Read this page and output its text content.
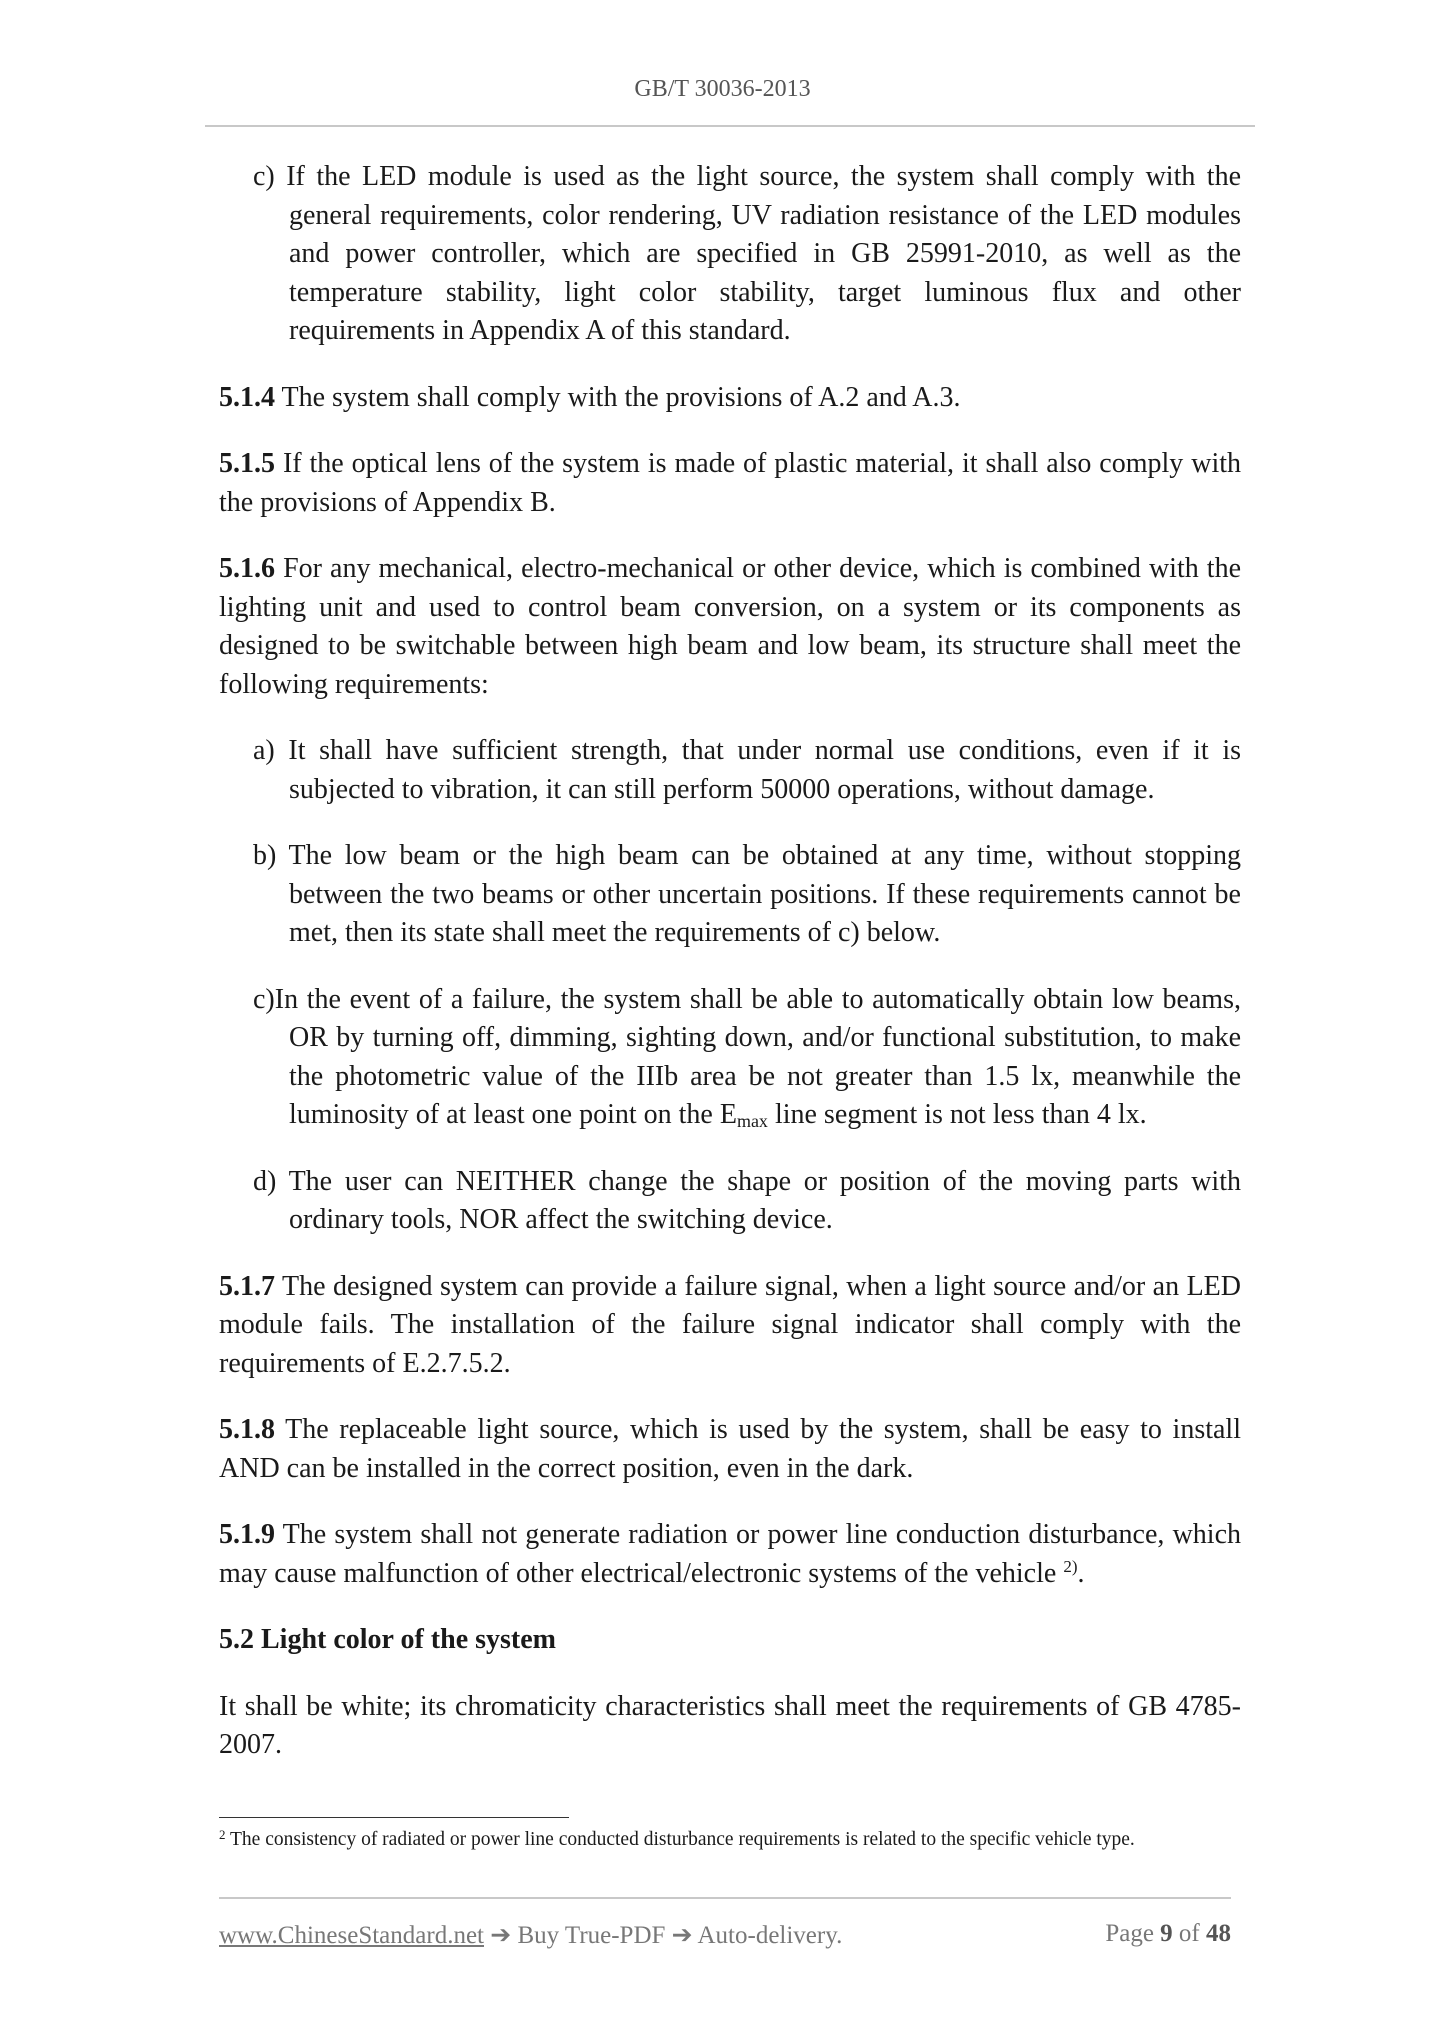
GB/T 30036-2013

c) If the LED module is used as the light source, the system shall comply with the general requirements, color rendering, UV radiation resistance of the LED modules and power controller, which are specified in GB 25991-2010, as well as the temperature stability, light color stability, target luminous flux and other requirements in Appendix A of this standard.

5.1.4 The system shall comply with the provisions of A.2 and A.3.

5.1.5 If the optical lens of the system is made of plastic material, it shall also comply with the provisions of Appendix B.

5.1.6 For any mechanical, electro-mechanical or other device, which is combined with the lighting unit and used to control beam conversion, on a system or its components as designed to be switchable between high beam and low beam, its structure shall meet the following requirements:

a) It shall have sufficient strength, that under normal use conditions, even if it is subjected to vibration, it can still perform 50000 operations, without damage.

b) The low beam or the high beam can be obtained at any time, without stopping between the two beams or other uncertain positions. If these requirements cannot be met, then its state shall meet the requirements of c) below.

c)In the event of a failure, the system shall be able to automatically obtain low beams, OR by turning off, dimming, sighting down, and/or functional substitution, to make the photometric value of the IIIb area be not greater than 1.5 lx, meanwhile the luminosity of at least one point on the $E_{max}$ line segment is not less than 4 lx.

d) The user can NEITHER change the shape or position of the moving parts with ordinary tools, NOR affect the switching device.

5.1.7 The designed system can provide a failure signal, when a light source and/or an LED module fails. The installation of the failure signal indicator shall comply with the requirements of E.2.7.5.2.

5.1.8 The replaceable light source, which is used by the system, shall be easy to install AND can be installed in the correct position, even in the dark.

5.1.9 The system shall not generate radiation or power line conduction disturbance, which may cause malfunction of other electrical/electronic systems of the vehicle $^{2)}$.

5.2 Light color of the system

It shall be white; its chromaticity characteristics shall meet the requirements of GB 4785-2007.

$^2$ The consistency of radiated or power line conducted disturbance requirements is related to the specific vehicle type.
www.ChineseStandard.net ➔ Buy True-PDF ➔ Auto-delivery.	Page 9 of 48
